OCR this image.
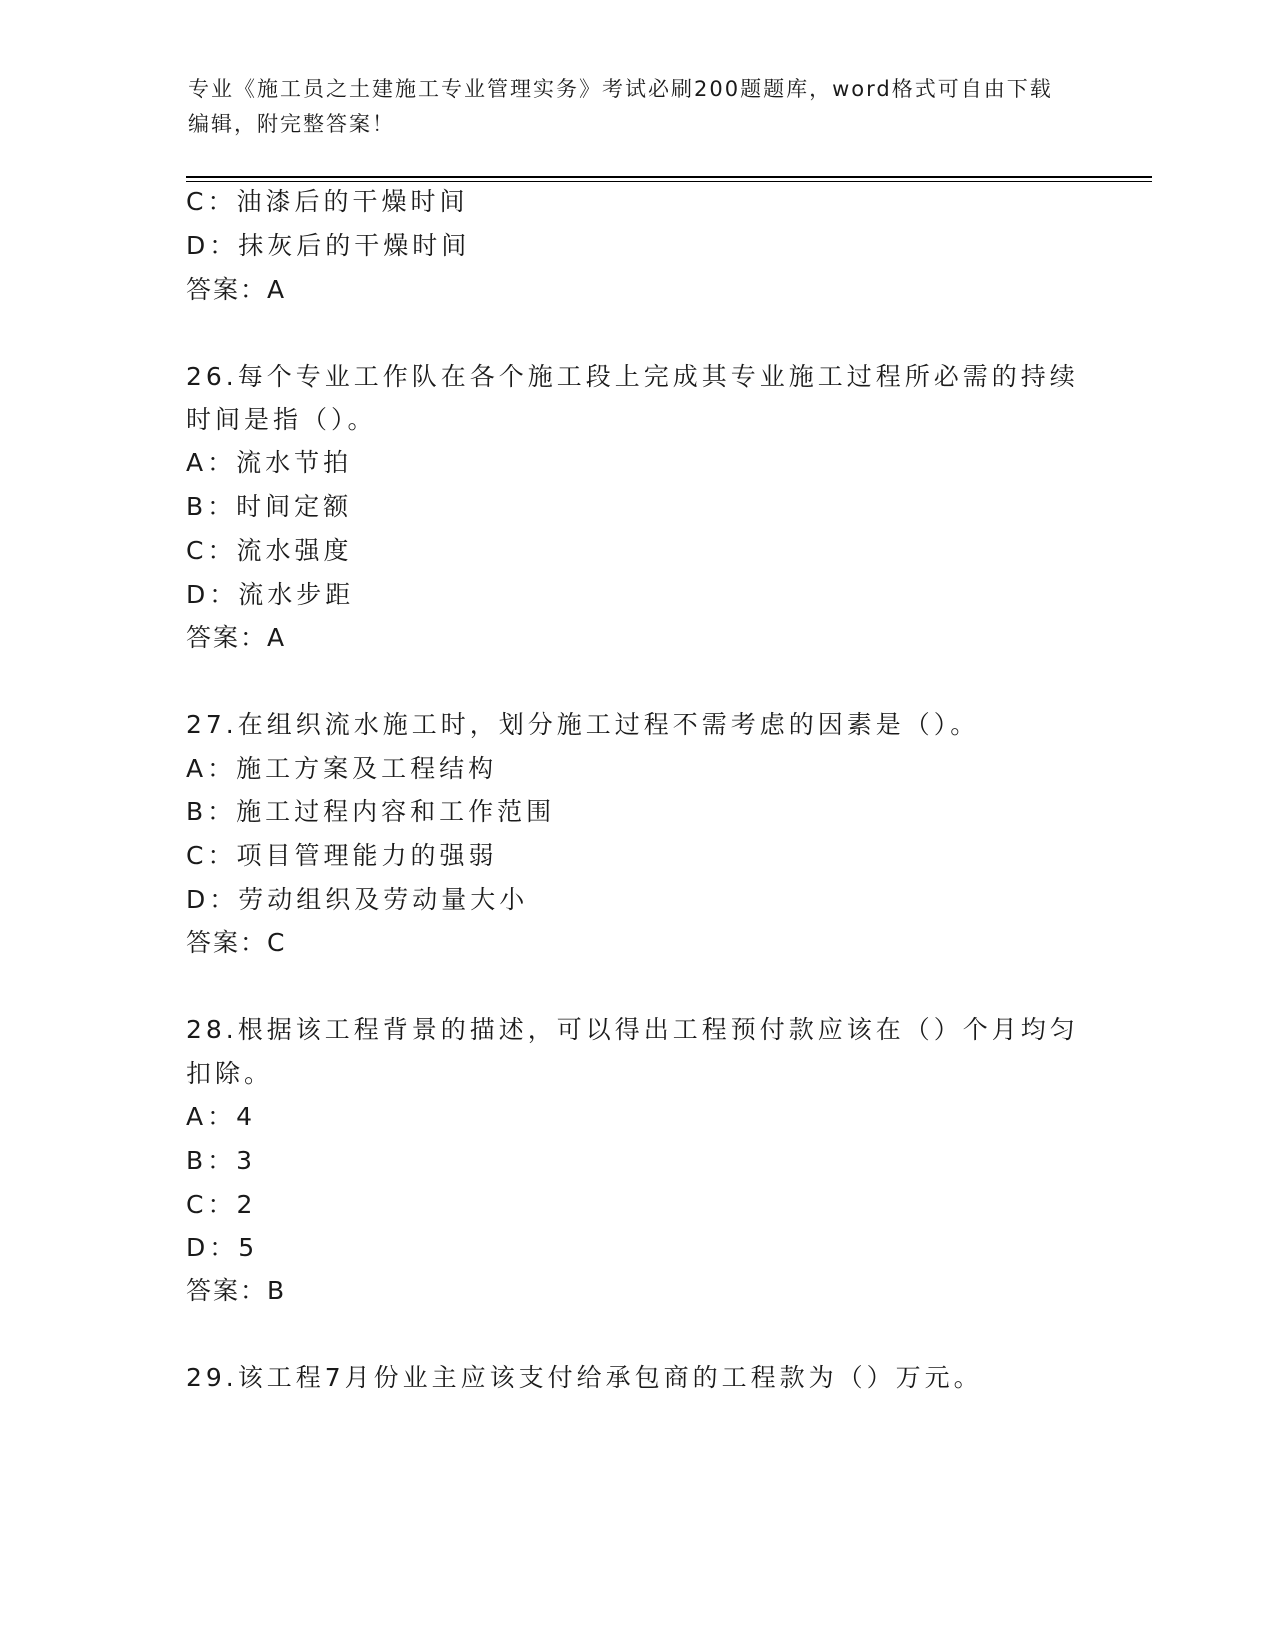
专业《施工员之土建施工专业管理实务》考试必刷200题题库，word格式可自由下载编辑，附完整答案！
C：油漆后的干燥时间
D：抹灰后的干燥时间
答案：A
26.每个专业工作队在各个施工段上完成其专业施工过程所必需的持续
时间是指（）。
A：流水节拍
B：时间定额
C：流水强度
D：流水步距
答案：A
27.在组织流水施工时，划分施工过程不需考虑的因素是（）。
A：施工方案及工程结构
B：施工过程内容和工作范围
C：项目管理能力的强弱
D：劳动组织及劳动量大小
答案：C
28.根据该工程背景的描述，可以得出工程预付款应该在（）个月均匀
扣除。
A：4
B：3
C：2
D：5
答案：B
29.该工程7月份业主应该支付给承包商的工程款为（）万元。
